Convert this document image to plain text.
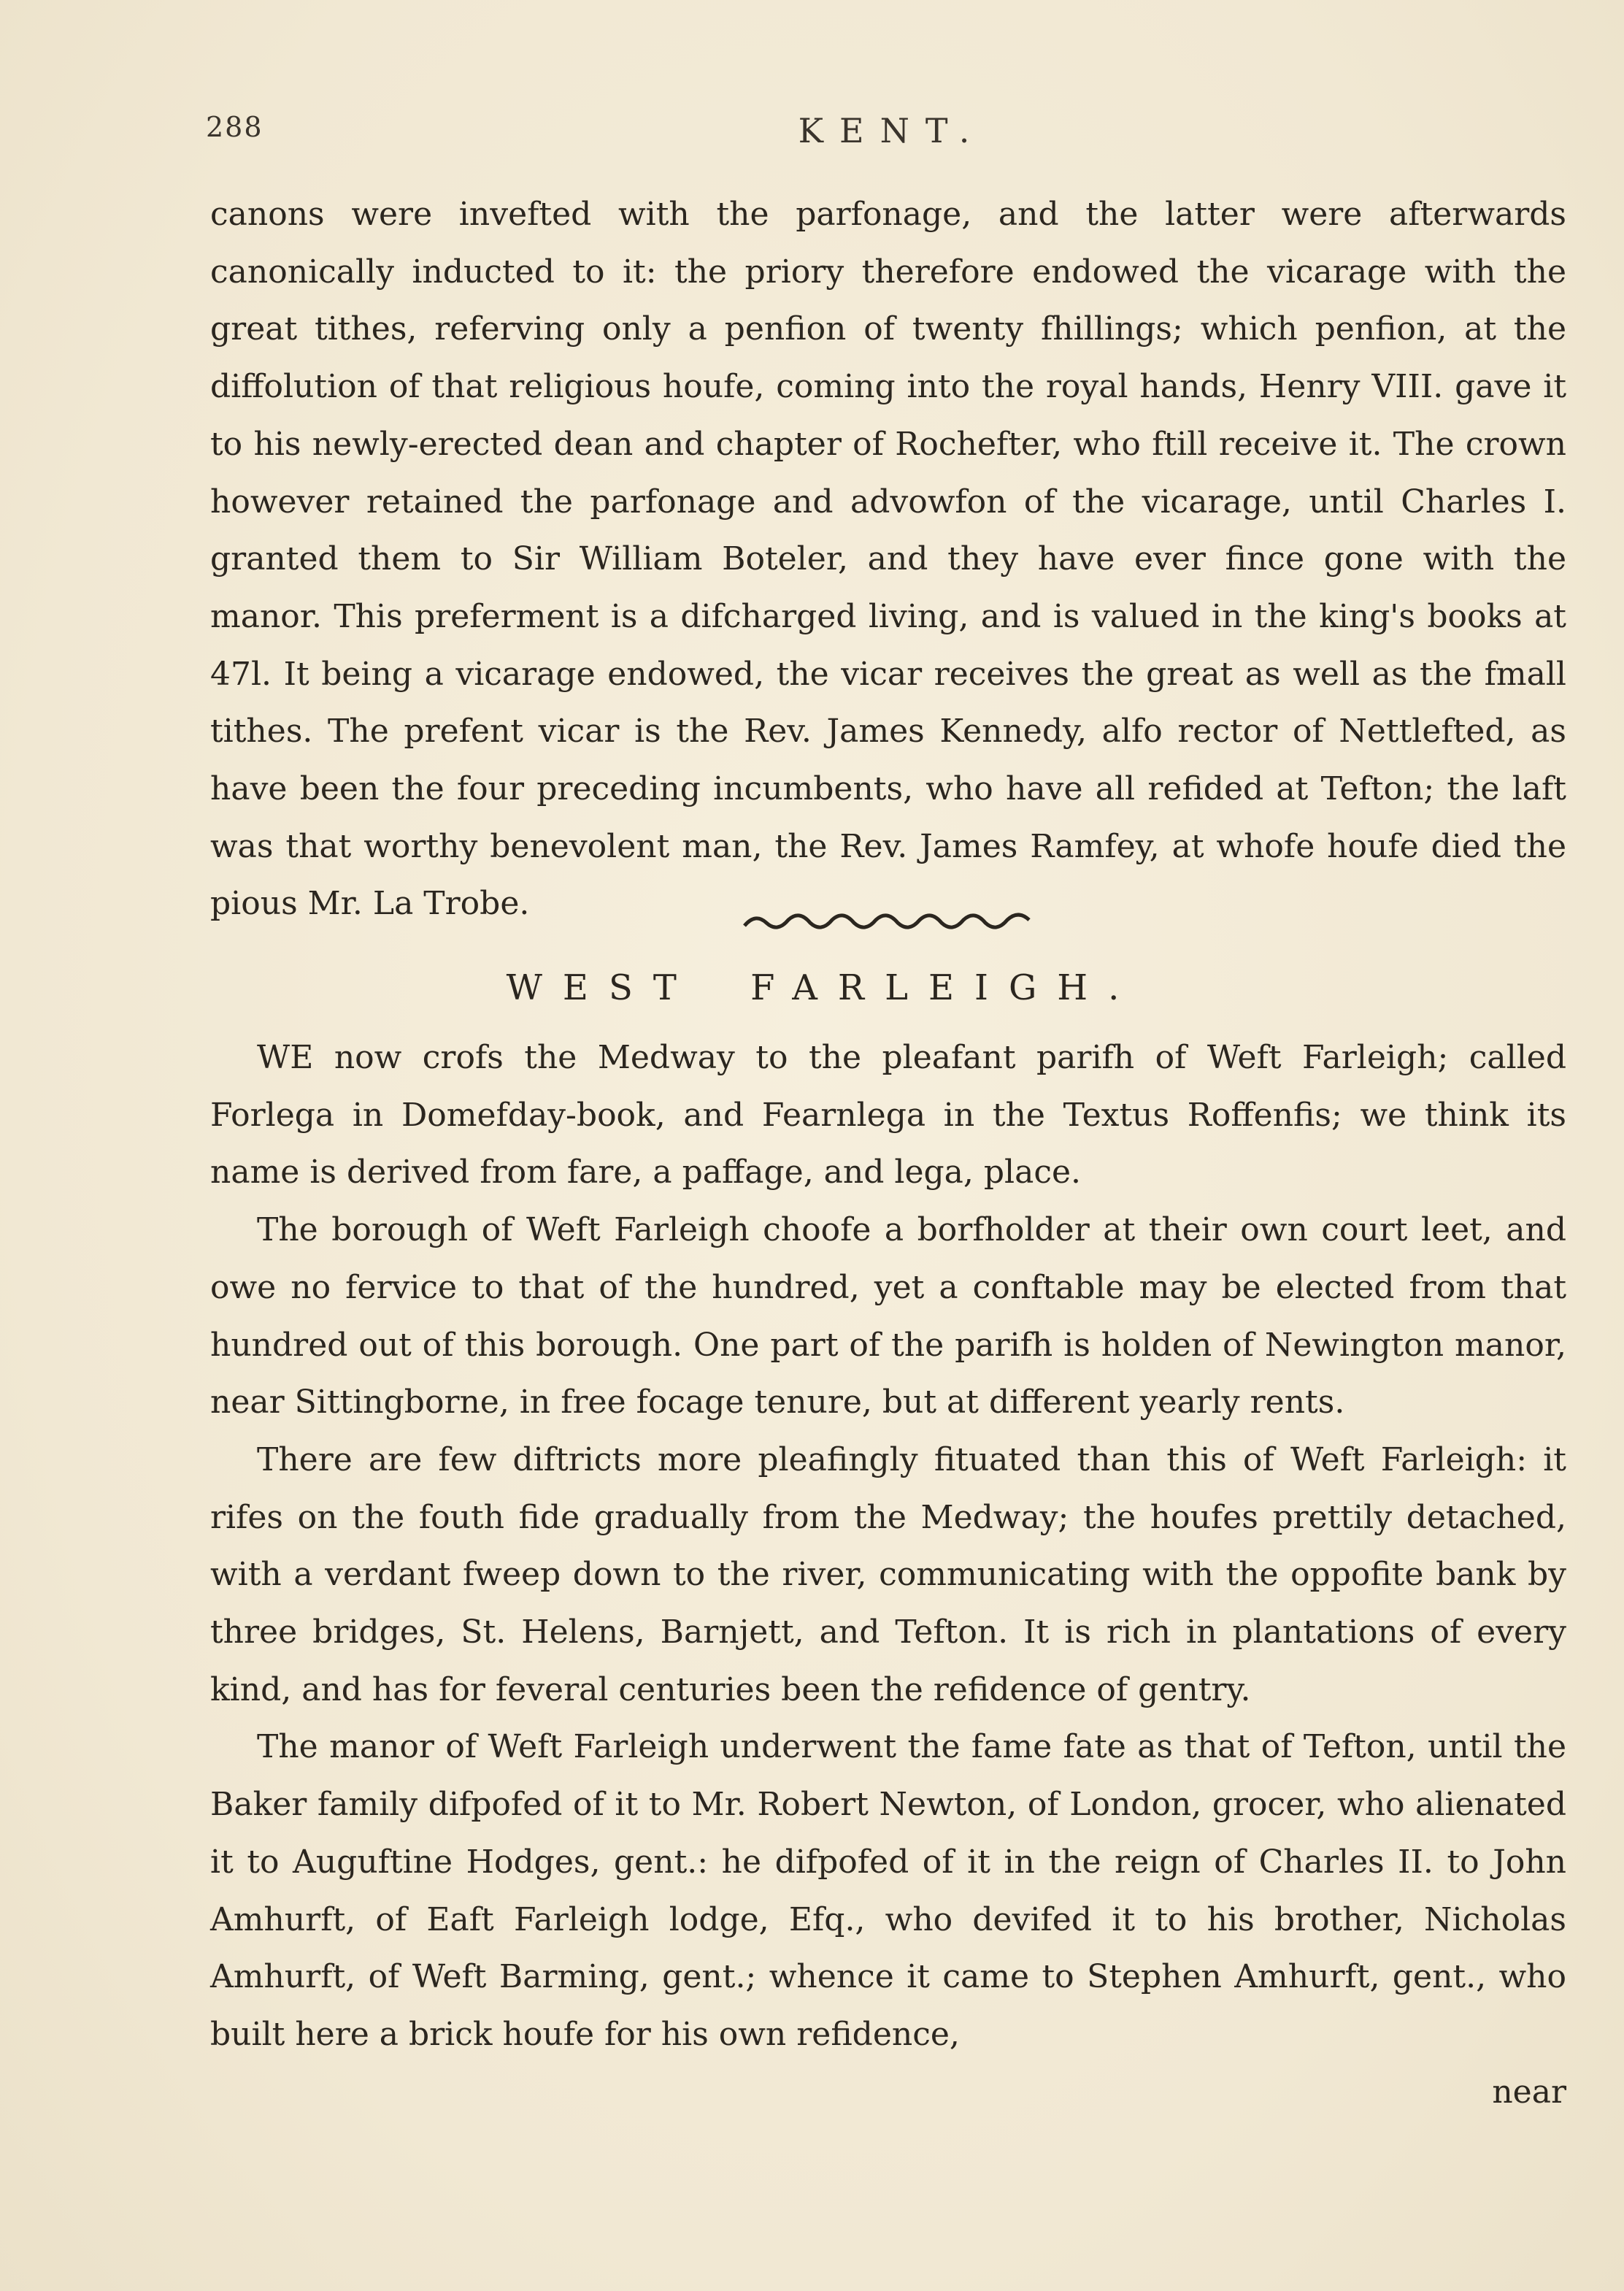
288	KENT.

canons were invefted with the parfonage, and the latter were afterwards canonically inducted to it: the priory therefore endowed the vicarage with the great tithes, referving only a penfion of twenty fhillings; which penfion, at the diffolution of that religious houfe, coming into the royal hands, Henry VIII. gave it to his newly-erected dean and chapter of Rochefter, who ftill receive it. The crown however retained the parfonage and advowfon of the vicarage, until Charles I. granted them to Sir William Boteler, and they have ever fince gone with the manor. This preferment is a difcharged living, and is valued in the king's books at 47l. It being a vicarage endowed, the vicar receives the great as well as the fmall tithes. The prefent vicar is the Rev. James Kennedy, alfo rector of Nettlefted, as have been the four preceding incumbents, who have all refided at Tefton; the laft was that worthy benevolent man, the Rev. James Ramfey, at whofe houfe died the pious Mr. La Trobe.

WEST FARLEIGH.

WE now crofs the Medway to the pleafant parifh of Weft Farleigh; called Forlega in Domefday-book, and Fearnlega in the Textus Roffenfis; we think its name is derived from fare, a paffage, and lega, place.

The borough of Weft Farleigh choofe a borfholder at their own court leet, and owe no fervice to that of the hundred, yet a conftable may be elected from that hundred out of this borough. One part of the parifh is holden of Newington manor, near Sittingborne, in free focage tenure, but at different yearly rents.

There are few diftricts more pleafingly fituated than this of Weft Farleigh: it rifes on the fouth fide gradually from the Medway; the houfes prettily detached, with a verdant fweep down to the river, communicating with the oppofite bank by three bridges, St. Helens, Barnjett, and Tefton. It is rich in plantations of every kind, and has for feveral centuries been the refidence of gentry.

The manor of Weft Farleigh underwent the fame fate as that of Tefton, until the Baker family difpofed of it to Mr. Robert Newton, of London, grocer, who alienated it to Auguftine Hodges, gent.: he difpofed of it in the reign of Charles II. to John Amhurft, of Eaft Farleigh lodge, Efq., who devifed it to his brother, Nicholas Amhurft, of Weft Barming, gent.; whence it came to Stephen Amhurft, gent., who built here a brick houfe for his own refidence,

near
